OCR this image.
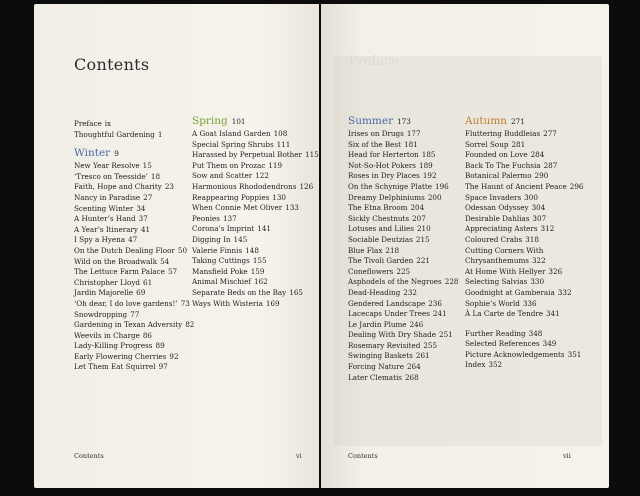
Preface
Contents
Preface ix
Thoughtful Gardening 1
Winter 9
New Year Resolve 15
‘Tresco on Teesside’ 18
Faith, Hope and Charity 23
Nancy in Paradise 27
Scenting Winter 34
A Hunter’s Hand 37
A Year’s Itinerary 41
I Spy a Hyena 47
On the Dutch Dealing Floor 50
Wild on the Broadwalk 54
The Lettuce Farm Palace 57
Christopher Lloyd 61
Jardin Majorelle 69
‘Oh dear, I do love gardens!’ 73
Snowdropping 77
Gardening in Texan Adversity 82
Weevils in Charge 86
Lady-Killing Progress 89
Early Flowering Cherries 92
Let Them Eat Squirrel 97
Spring 101
A Goat Island Garden 108
Special Spring Shrubs 111
Harassed by Perpetual Bother 115
Put Them on Prozac 119
Sow and Scatter 122
Harmonious Rhododendrons 126
Reappearing Poppies 130
When Connie Met Oliver 133
Peonies 137
Corona’s Imprint 141
Digging In 145
Valerie Finnis 148
Taking Cuttings 155
Mansfield Poke 159
Animal Mischief 162
Separate Beds on the Bay 165
Ways With Wisteria 169
Summer 173
Irises on Drugs 177
Six of the Best 181
Head for Herterton 185
Not-So-Hot Pokers 189
Roses in Dry Places 192
On the Schynige Platte 196
Dreamy Delphiniums 200
The Etna Broom 204
Sickly Chestnuts 207
Lotuses and Lilies 210
Sociable Deutzias 215
Blue Flax 218
The Tivoli Garden 221
Coneflowers 225
Asphodels of the Negroes 228
Dead-Heading 232
Gendered Landscape 236
Lacecaps Under Trees 241
Le Jardin Plume 246
Dealing With Dry Shade 251
Rosemary Revisited 255
Swinging Baskets 261
Forcing Nature 264
Later Clematis 268
Autumn 271
Fluttering Buddleias 277
Sorrel Soup 281
Founded on Love 284
Back To The Fuchsia 287
Botanical Palermo 290
The Haunt of Ancient Peace 296
Space Invaders 300
Odessan Odyssey 304
Desirable Dahlias 307
Appreciating Asters 312
Coloured Crabs 318
Cutting Corners With
Chrysanthemums 322
At Home With Hellyer 326
Selecting Salvias 330
Goodnight at Gamberaia 332
Sophie’s World 336
À La Carte de Tendre 341
Further Reading 348
Selected References 349
Picture Acknowledgements 351
Index 352
Contents	vi	Contents	vii
